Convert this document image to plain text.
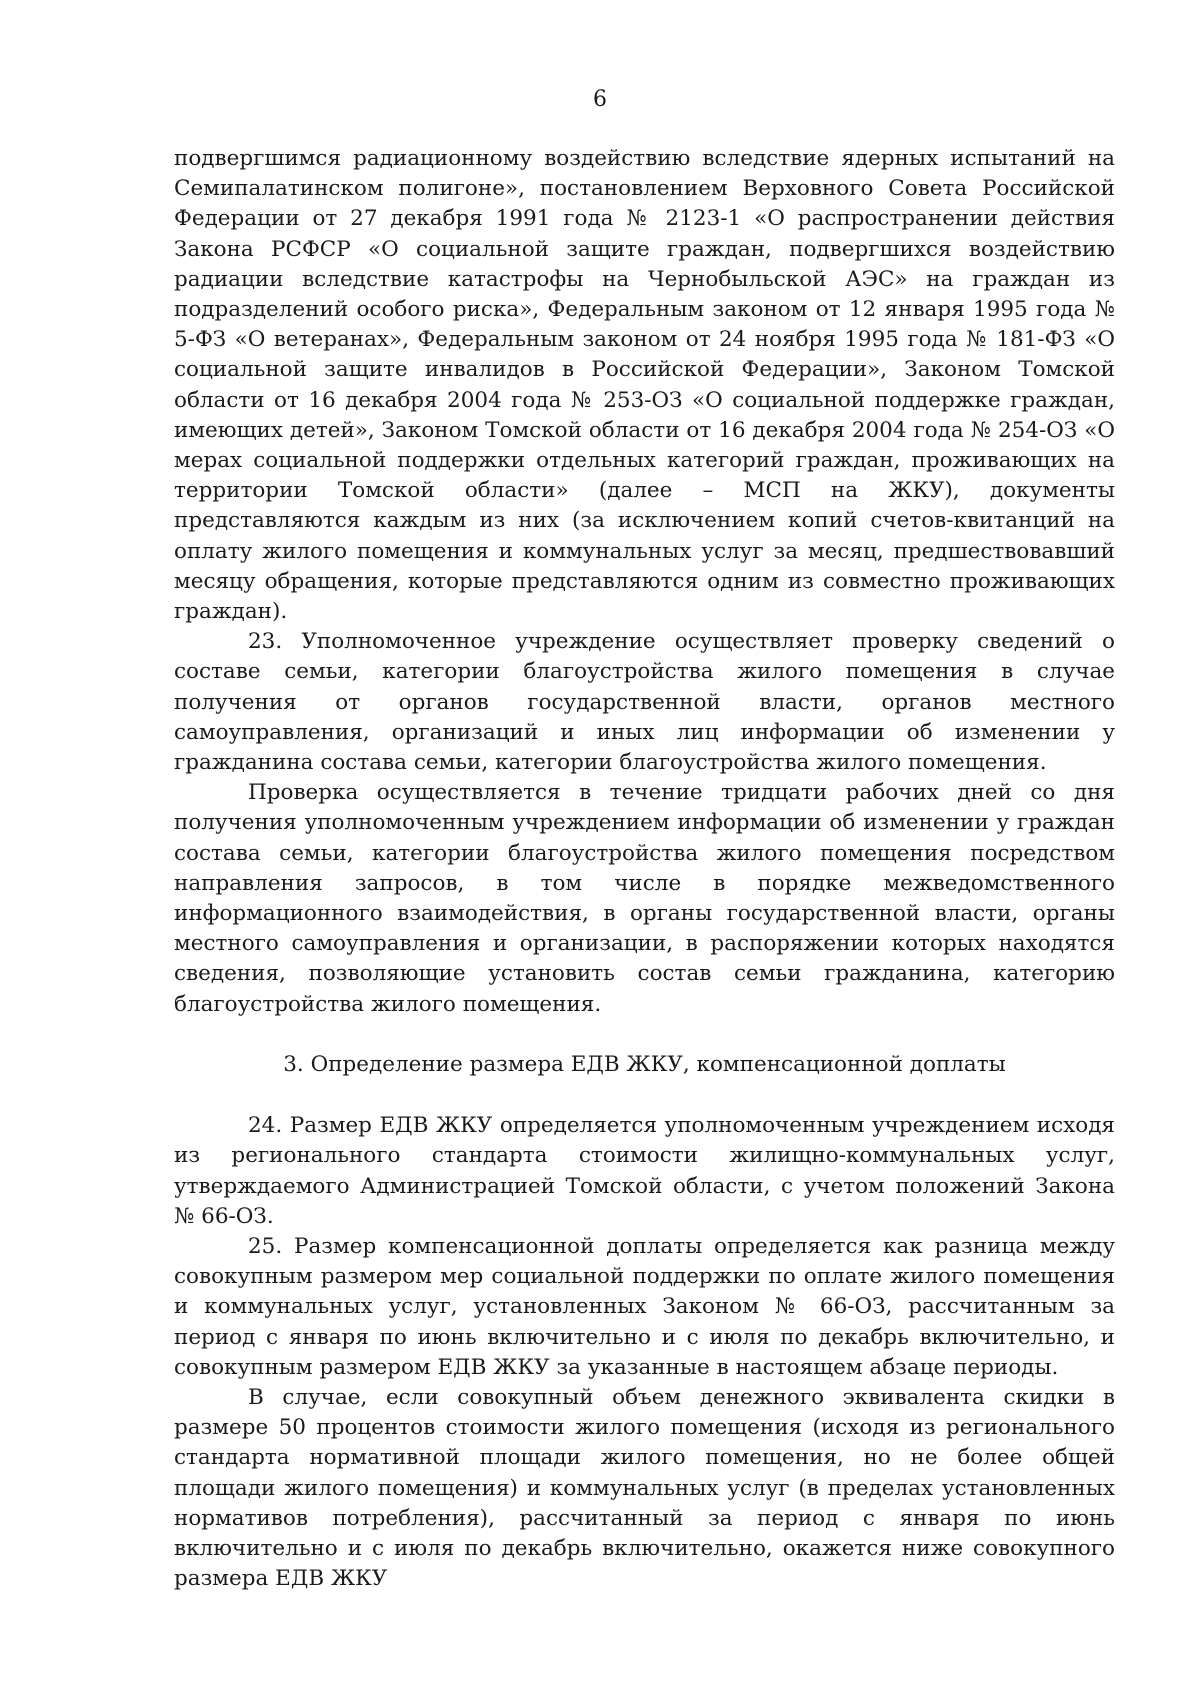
6

подвергшимся радиационному воздействию вследствие ядерных испытаний на Семипалатинском полигоне», постановлением Верховного Совета Российской Федерации от 27 декабря 1991 года № 2123-1 «О распространении действия Закона РСФСР «О социальной защите граждан, подвергшихся воздействию радиации вследствие катастрофы на Чернобыльской АЭС» на граждан из подразделений особого риска», Федеральным законом от 12 января 1995 года № 5-ФЗ «О ветеранах», Федеральным законом от 24 ноября 1995 года № 181-ФЗ «О социальной защите инвалидов в Российской Федерации», Законом Томской области от 16 декабря 2004 года № 253-ОЗ «О социальной поддержке граждан, имеющих детей», Законом Томской области от 16 декабря 2004 года № 254-ОЗ «О мерах социальной поддержки отдельных категорий граждан, проживающих на территории Томской области» (далее – МСП на ЖКУ), документы представляются каждым из них (за исключением копий счетов-квитанций на оплату жилого помещения и коммунальных услуг за месяц, предшествовавший месяцу обращения, которые представляются одним из совместно проживающих граждан).

23. Уполномоченное учреждение осуществляет проверку сведений о составе семьи, категории благоустройства жилого помещения в случае получения от органов государственной власти, органов местного самоуправления, организаций и иных лиц информации об изменении у гражданина состава семьи, категории благоустройства жилого помещения.

Проверка осуществляется в течение тридцати рабочих дней со дня получения уполномоченным учреждением информации об изменении у граждан состава семьи, категории благоустройства жилого помещения посредством направления запросов, в том числе в порядке межведомственного информационного взаимодействия, в органы государственной власти, органы местного самоуправления и организации, в распоряжении которых находятся сведения, позволяющие установить состав семьи гражданина, категорию благоустройства жилого помещения.

3. Определение размера ЕДВ ЖКУ, компенсационной доплаты

24. Размер ЕДВ ЖКУ определяется уполномоченным учреждением исходя из регионального стандарта стоимости жилищно-коммунальных услуг, утверждаемого Администрацией Томской области, с учетом положений Закона № 66-ОЗ.

25. Размер компенсационной доплаты определяется как разница между совокупным размером мер социальной поддержки по оплате жилого помещения и коммунальных услуг, установленных Законом № 66-ОЗ, рассчитанным за период с января по июнь включительно и с июля по декабрь включительно, и совокупным размером ЕДВ ЖКУ за указанные в настоящем абзаце периоды.

В случае, если совокупный объем денежного эквивалента скидки в размере 50 процентов стоимости жилого помещения (исходя из регионального стандарта нормативной площади жилого помещения, но не более общей площади жилого помещения) и коммунальных услуг (в пределах установленных нормативов потребления), рассчитанный за период с января по июнь включительно и с июля по декабрь включительно, окажется ниже совокупного размера ЕДВ ЖКУ
